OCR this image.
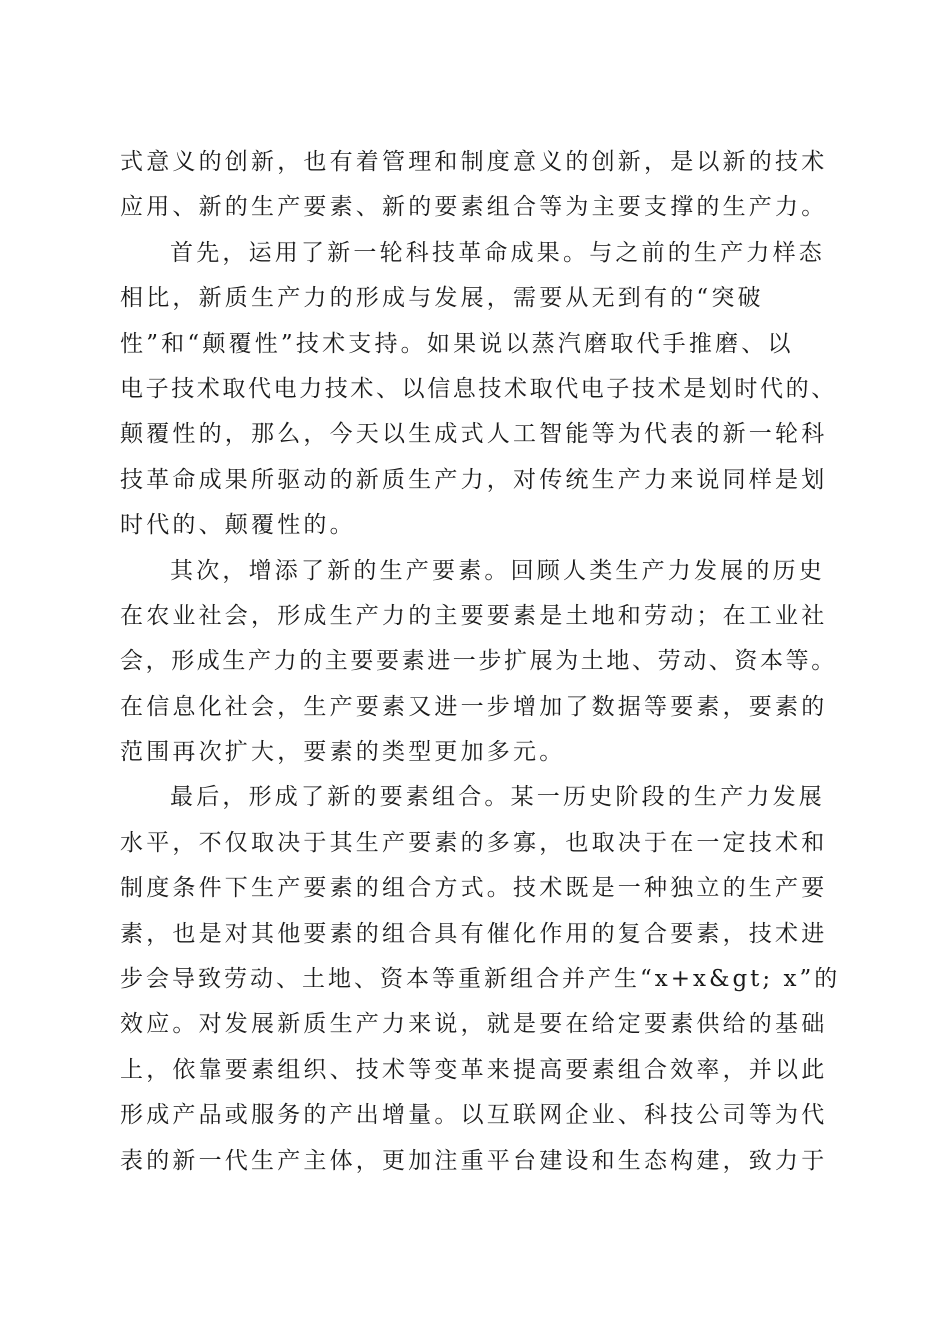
式意义的创新，也有着管理和制度意义的创新，是以新的技术
应用、新的生产要素、新的要素组合等为主要支撑的生产力。
首先，运用了新一轮科技革命成果。与之前的生产力样态
相比，新质生产力的形成与发展，需要从无到有的“突破
性”和“颠覆性”技术支持。如果说以蒸汽磨取代手推磨、以
电子技术取代电力技术、以信息技术取代电子技术是划时代的、
颠覆性的，那么，今天以生成式人工智能等为代表的新一轮科
技革命成果所驱动的新质生产力，对传统生产力来说同样是划
时代的、颠覆性的。
其次，增添了新的生产要素。回顾人类生产力发展的历史
在农业社会，形成生产力的主要要素是土地和劳动；在工业社
会，形成生产力的主要要素进一步扩展为土地、劳动、资本等。
在信息化社会，生产要素又进一步增加了数据等要素，要素的
范围再次扩大，要素的类型更加多元。
最后，形成了新的要素组合。某一历史阶段的生产力发展
水平，不仅取决于其生产要素的多寡，也取决于在一定技术和
制度条件下生产要素的组合方式。技术既是一种独立的生产要
素，也是对其他要素的组合具有催化作用的复合要素，技术进
步会导致劳动、土地、资本等重新组合并产生“x+x&gt; x”的
效应。对发展新质生产力来说，就是要在给定要素供给的基础
上，依靠要素组织、技术等变革来提高要素组合效率，并以此
形成产品或服务的产出增量。以互联网企业、科技公司等为代
表的新一代生产主体，更加注重平台建设和生态构建，致力于
